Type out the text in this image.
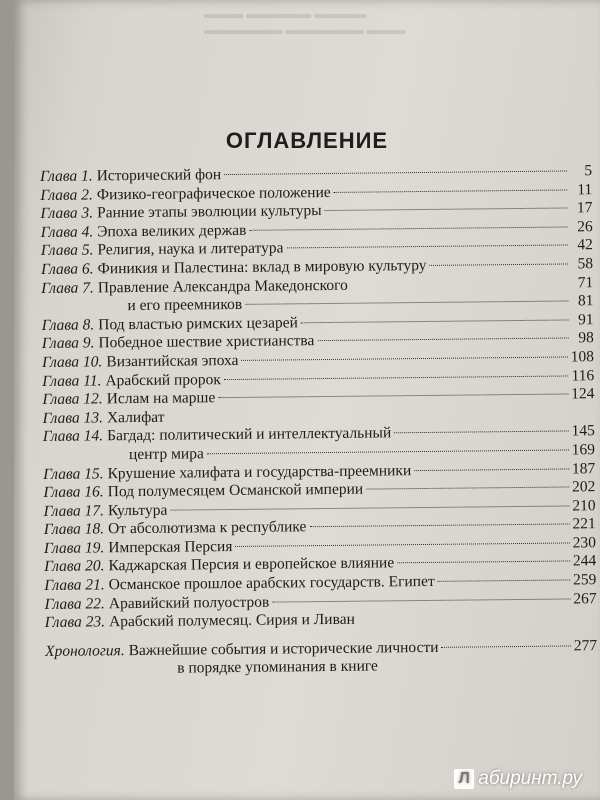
▬▬▬ ▬▬▬▬▬ ▬▬▬▬
▬▬▬▬▬▬ ▬▬▬▬▬▬ ▬▬▬
ОГЛАВЛЕНИЕ
Глава 1. Исторический фон	5
Глава 2. Физико-географическое положение	11
Глава 3. Ранние этапы эволюции культуры	17
Глава 4. Эпоха великих держав	26
Глава 5. Религия, наука и литература	42
Глава 6. Финикия и Палестина: вклад в мировую культуру	58
Глава 7. Правление Александра Македонского	71
и его преемников	81
Глава 8. Под властью римских цезарей	91
Глава 9. Победное шествие христианства	98
Глава 10. Византийская эпоха	108
Глава 11. Арабский пророк	116
Глава 12. Ислам на марше	124
Глава 13. Халифат
Глава 14. Багдад: политический и интеллектуальный	145
центр мира	169
Глава 15. Крушение халифата и государства-преемники	187
Глава 16. Под полумесяцем Османской империи	202
Глава 17. Культура	210
Глава 18. От абсолютизма к республике	221
Глава 19. Имперская Персия	230
Глава 20. Каджарская Персия и европейское влияние	244
Глава 21. Османское прошлое арабских государств. Египет	259
Глава 22. Аравийский полуостров	267
Глава 23. Арабский полумесяц. Сирия и Ливан
Хронология. Важнейшие события и исторические личности	277
в порядке упоминания в книге
Л абиринт.ру
